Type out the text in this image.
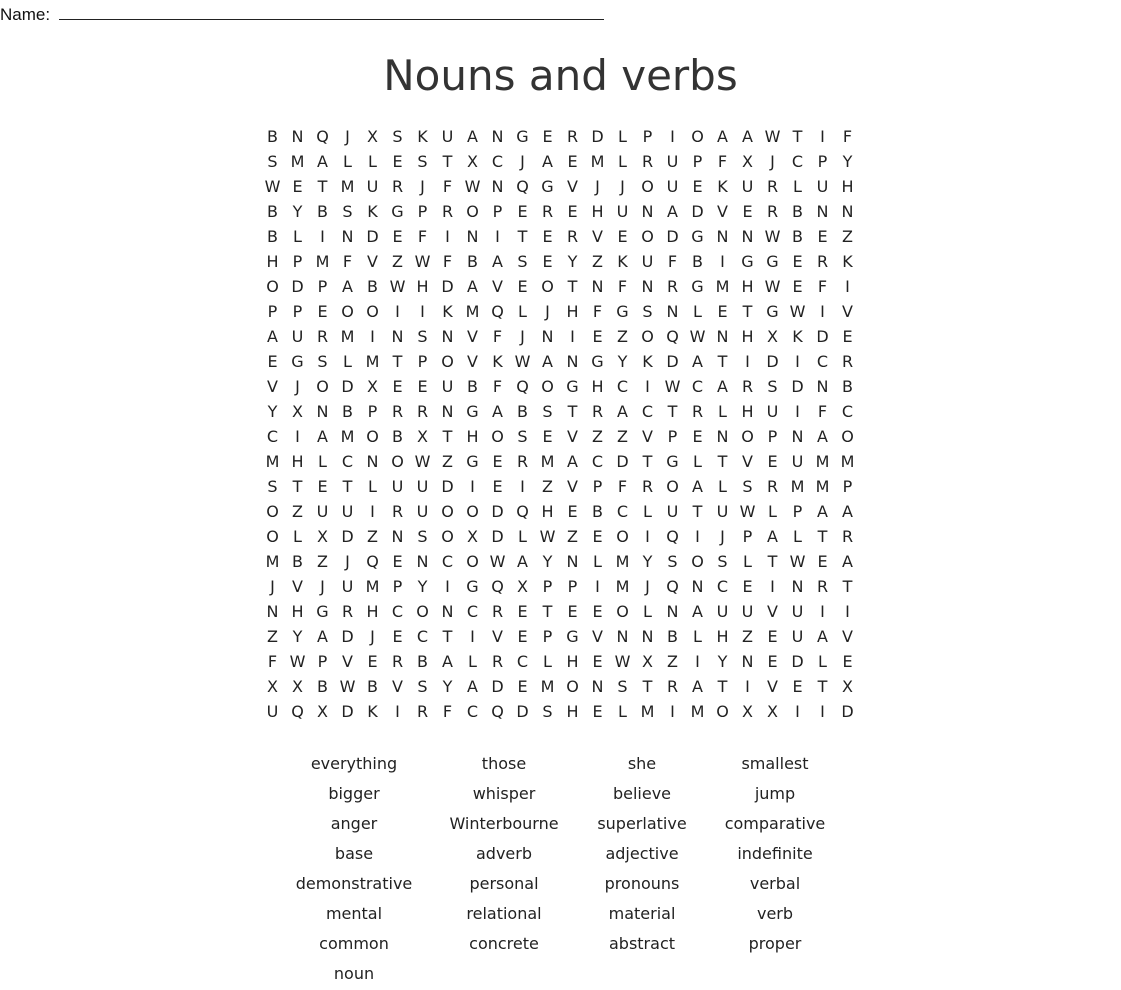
Name:
Nouns and verbs
B N Q	J	X S K U A N G E R D L P	I	O A A W T	I	F
S M A L	L E S T X C	J	A E M L R U P F X	J	C P Y
W E T M U R	J	F W N Q G V	J	J	O U E K U R L U H
B Y B S K G P R O P E R E H U N A D V E R B N N
B L	I	N D E F	I	N	I	T E R V E O D G N N W B E Z
H P M F V Z W F B A S E Y Z K U F B	I	G G E R K
O D P A B W H D A V E O T N F N R G M H W E F	I
P P E O O	I	I	K M Q L	J	H F G S N L E T G W I	V
A U R M I	N S N V F	J	N	I	E Z O Q W N H X K D E
E G S L M T P O V K W A N G Y K D A T	I	D	I	C R
V	J	O D X E E U B F Q O G H C	I W C A R S D N B
Y X N B P R R N G A B S T R A C T R L H U	I	F C
C	I	A M O B X T H O S E V Z Z V P E N O P N A O
M H L C N O W Z G E R M A C D T G L T V E U M M
S T E T L U U D	I	E	I	Z V P F R O A L S R M M P
O Z U U	I	R U O O D Q H E B C L U T U W L P A A
O L X D Z N S O X D L W Z E O	I	Q	I	J	P A L T R
M B Z	J	Q E N C O W A Y N L M Y S O S L T W E A
J	V	J	U M P Y	I	G Q X P P	I M J	Q N C E	I	N R T
N H G R H C O N C R E T E E O L N A U U V U	I	I
Z Y A D	J	E C T	I	V E P G V N N B L H Z E U A V
F W P V E R B A L R C L H E W X Z	I	Y N E D L E
X X B W B V S Y A D E M O N S T R A T	I	V E T X
U Q X D K	I	R F C Q D S H E L M I M O X X	I	I	D
everything	those	she	smallest
bigger	whisper	believe	jump
anger	Winterbourne	superlative	comparative
base	adverb	adjective	indefinite
demonstrative	personal	pronouns	verbal
mental	relational	material	verb
common	concrete	abstract	proper
noun
